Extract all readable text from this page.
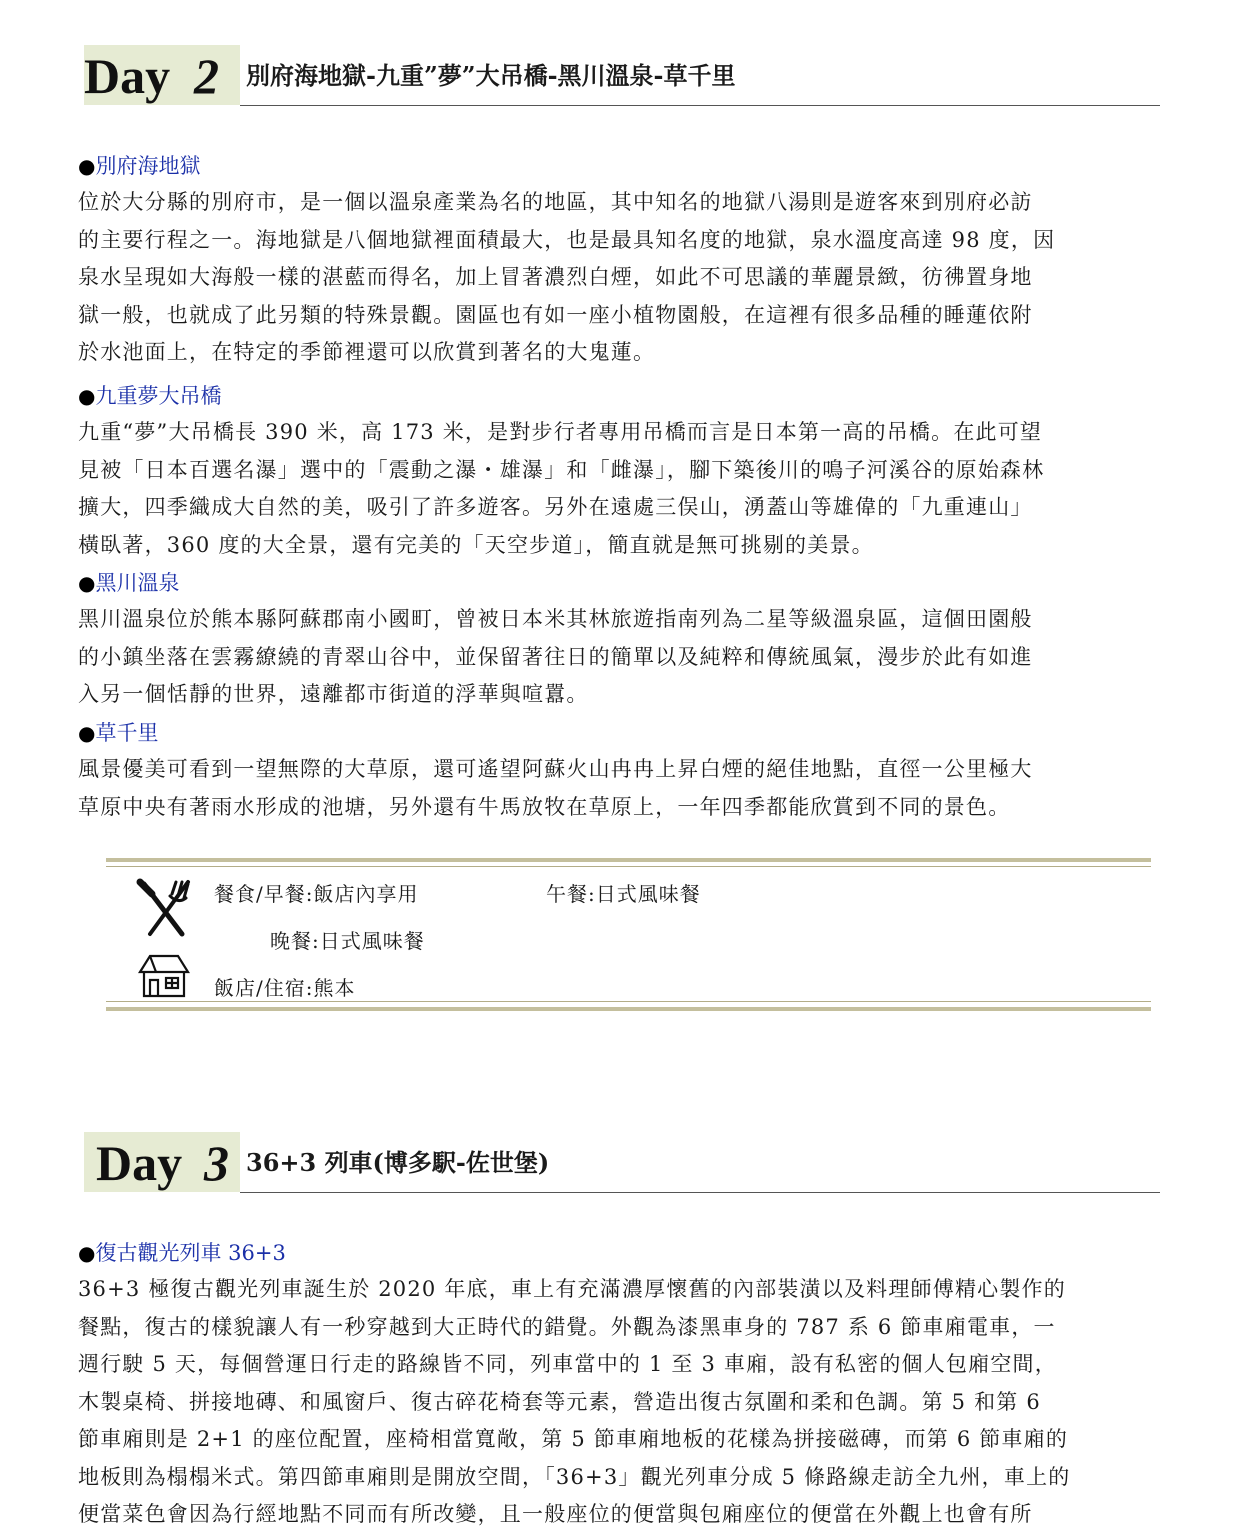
Day 2 別府海地獄-九重”夢”大吊橋-黑川溫泉-草千里
●別府海地獄

位於大分縣的別府市，是一個以溫泉產業為名的地區，其中知名的地獄八湯則是遊客來到別府必訪
的主要行程之一。海地獄是八個地獄裡面積最大，也是最具知名度的地獄，泉水溫度高達 98 度，因
泉水呈現如大海般一樣的湛藍而得名，加上冒著濃烈白煙，如此不可思議的華麗景緻，彷彿置身地
獄一般，也就成了此另類的特殊景觀。園區也有如一座小植物園般，在這裡有很多品種的睡蓮依附
於水池面上，在特定的季節裡還可以欣賞到著名的大鬼蓮。

●九重夢大吊橋

九重“夢”大吊橋長 390 米，高 173 米，是對步行者專用吊橋而言是日本第一高的吊橋。在此可望
見被「日本百選名瀑」選中的「震動之瀑・雄瀑」和「雌瀑」，腳下築後川的鳴子河溪谷的原始森林
擴大，四季織成大自然的美，吸引了許多遊客。另外在遠處三俣山，湧蓋山等雄偉的「九重連山」
橫臥著，360 度的大全景，還有完美的「天空步道」，簡直就是無可挑剔的美景。

●黑川溫泉

黑川溫泉位於熊本縣阿蘇郡南小國町，曾被日本米其林旅遊指南列為二星等級溫泉區，這個田園般
的小鎮坐落在雲霧繚繞的青翠山谷中，並保留著往日的簡單以及純粹和傳統風氣，漫步於此有如進
入另一個恬靜的世界，遠離都市街道的浮華與喧囂。

●草千里

風景優美可看到一望無際的大草原，還可遙望阿蘇火山冉冉上昇白煙的絕佳地點，直徑一公里極大
草原中央有著雨水形成的池塘，另外還有牛馬放牧在草原上，一年四季都能欣賞到不同的景色。

餐食/早餐:飯店內享用	午餐:日式風味餐
晚餐:日式風味餐
飯店/住宿:熊本
Day 3 36+3 列車(博多駅-佐世堡)
●復古觀光列車 36+3

36+3 極復古觀光列車誕生於 2020 年底，車上有充滿濃厚懷舊的內部裝潢以及料理師傅精心製作的
餐點，復古的樣貌讓人有一秒穿越到大正時代的錯覺。外觀為漆黑車身的 787 系 6 節車廂電車，一
週行駛 5 天，每個營運日行走的路線皆不同，列車當中的 1 至 3 車廂，設有私密的個人包廂空間，
木製桌椅、拼接地磚、和風窗戶、復古碎花椅套等元素，營造出復古氛圍和柔和色調。第 5 和第 6
節車廂則是 2+1 的座位配置，座椅相當寬敞，第 5 節車廂地板的花樣為拼接磁磚，而第 6 節車廂的
地板則為榻榻米式。第四節車廂則是開放空間，「36+3」觀光列車分成 5 條路線走訪全九州，車上的
便當菜色會因為行經地點不同而有所改變，且一般座位的便當與包廂座位的便當在外觀上也會有所
